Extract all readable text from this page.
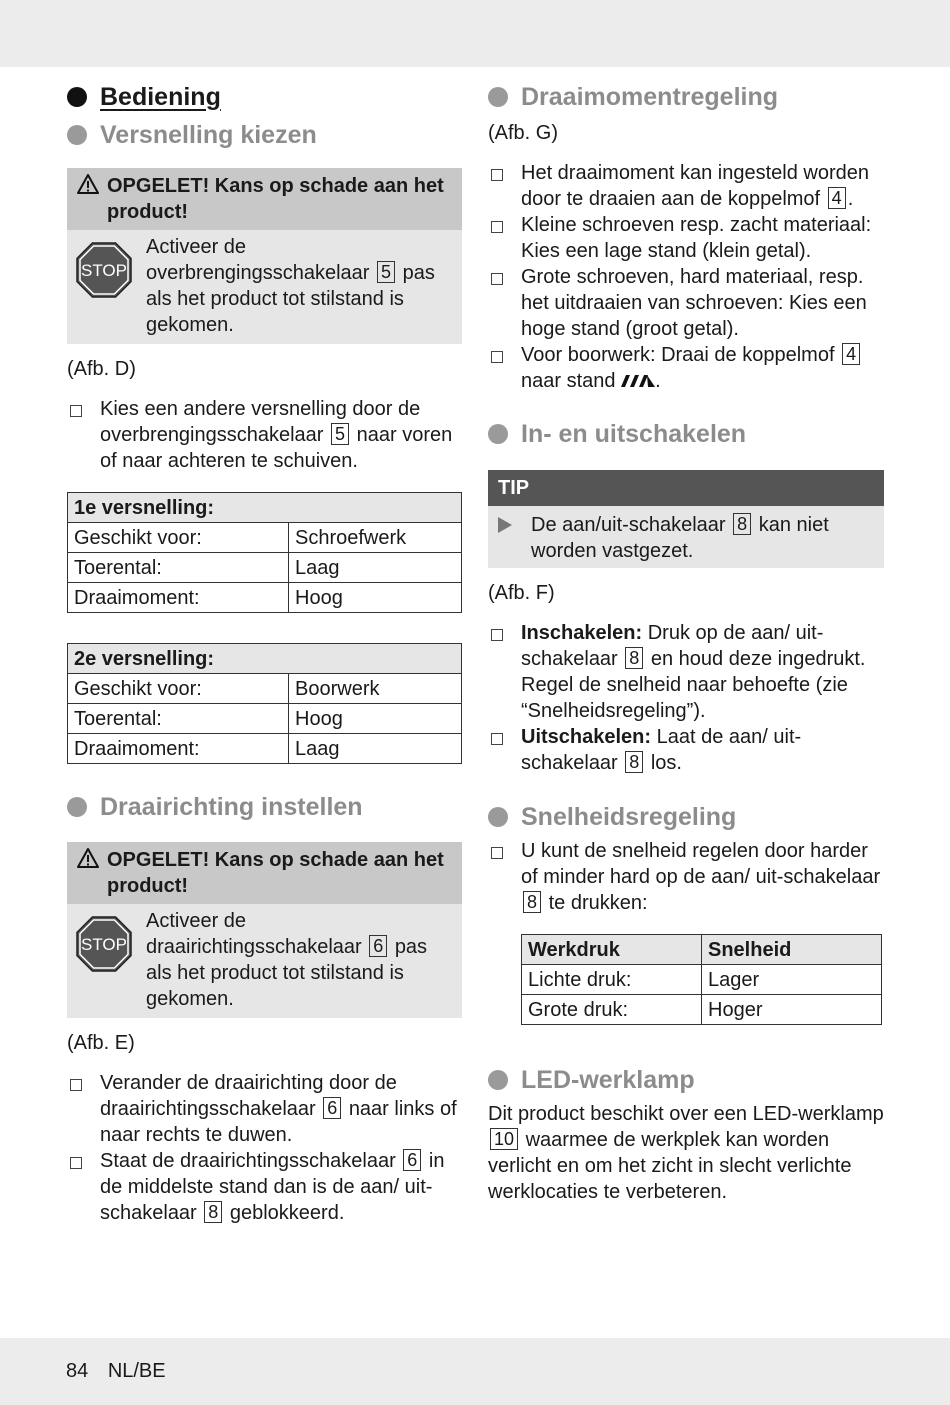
Bediening
Versnelling kiezen
OPGELET! Kans op schade aan het product!
STOP
Activeer de overbrengingsschakelaar 5 pas als het product tot stilstand is gekomen.

(Afb. D)

Kies een andere versnelling door de overbrengingsschakelaar 5 naar voren of naar achteren te schuiven.
1e versnelling:	
Geschikt voor:	Schroefwerk
Toerental:	Laag
Draaimoment:	Hoog
2e versnelling:	
Geschikt voor:	Boorwerk
Toerental:	Hoog
Draaimoment:	Laag
Draairichting instellen
OPGELET! Kans op schade aan het product!
STOP
Activeer de draairichtingsschakelaar 6 pas als het product tot stilstand is gekomen.

(Afb. E)

Verander de draairichting door de draairichtingsschakelaar 6 naar links of naar rechts te duwen.
Staat de draairichtingsschakelaar 6 in de middelste stand dan is de aan/ uit-schakelaar 8 geblokkeerd.
Draaimomentregeling

(Afb. G)

Het draaimoment kan ingesteld worden door te draaien aan de koppelmof 4 .
Kleine schroeven resp. zacht materiaal: Kies een lage stand (klein getal).
Grote schroeven, hard materiaal, resp. het uitdraaien van schroeven: Kies een hoge stand (groot getal).
Voor boorwerk: Draai de koppelmof 4 naar stand .
In- en uitschakelen
TIP
De aan/uit-schakelaar 8 kan niet worden vastgezet.

(Afb. F)

Inschakelen: Druk op de aan/ uit-schakelaar 8 en houd deze ingedrukt.
Regel de snelheid naar behoefte (zie “Snelheidsregeling”).
Uitschakelen: Laat de aan/ uit-schakelaar 8 los.
Snelheidsregeling
U kunt de snelheid regelen door harder of minder hard op de aan/ uit-schakelaar 8 te drukken:
Werkdruk	Snelheid
Lichte druk:	Lager
Grote druk:	Hoger
LED-werklamp

Dit product beschikt over een LED-werklamp 10 waarmee de werkplek kan worden verlicht en om het zicht in slecht verlichte werklocaties te verbeteren.

84 NL/BE
